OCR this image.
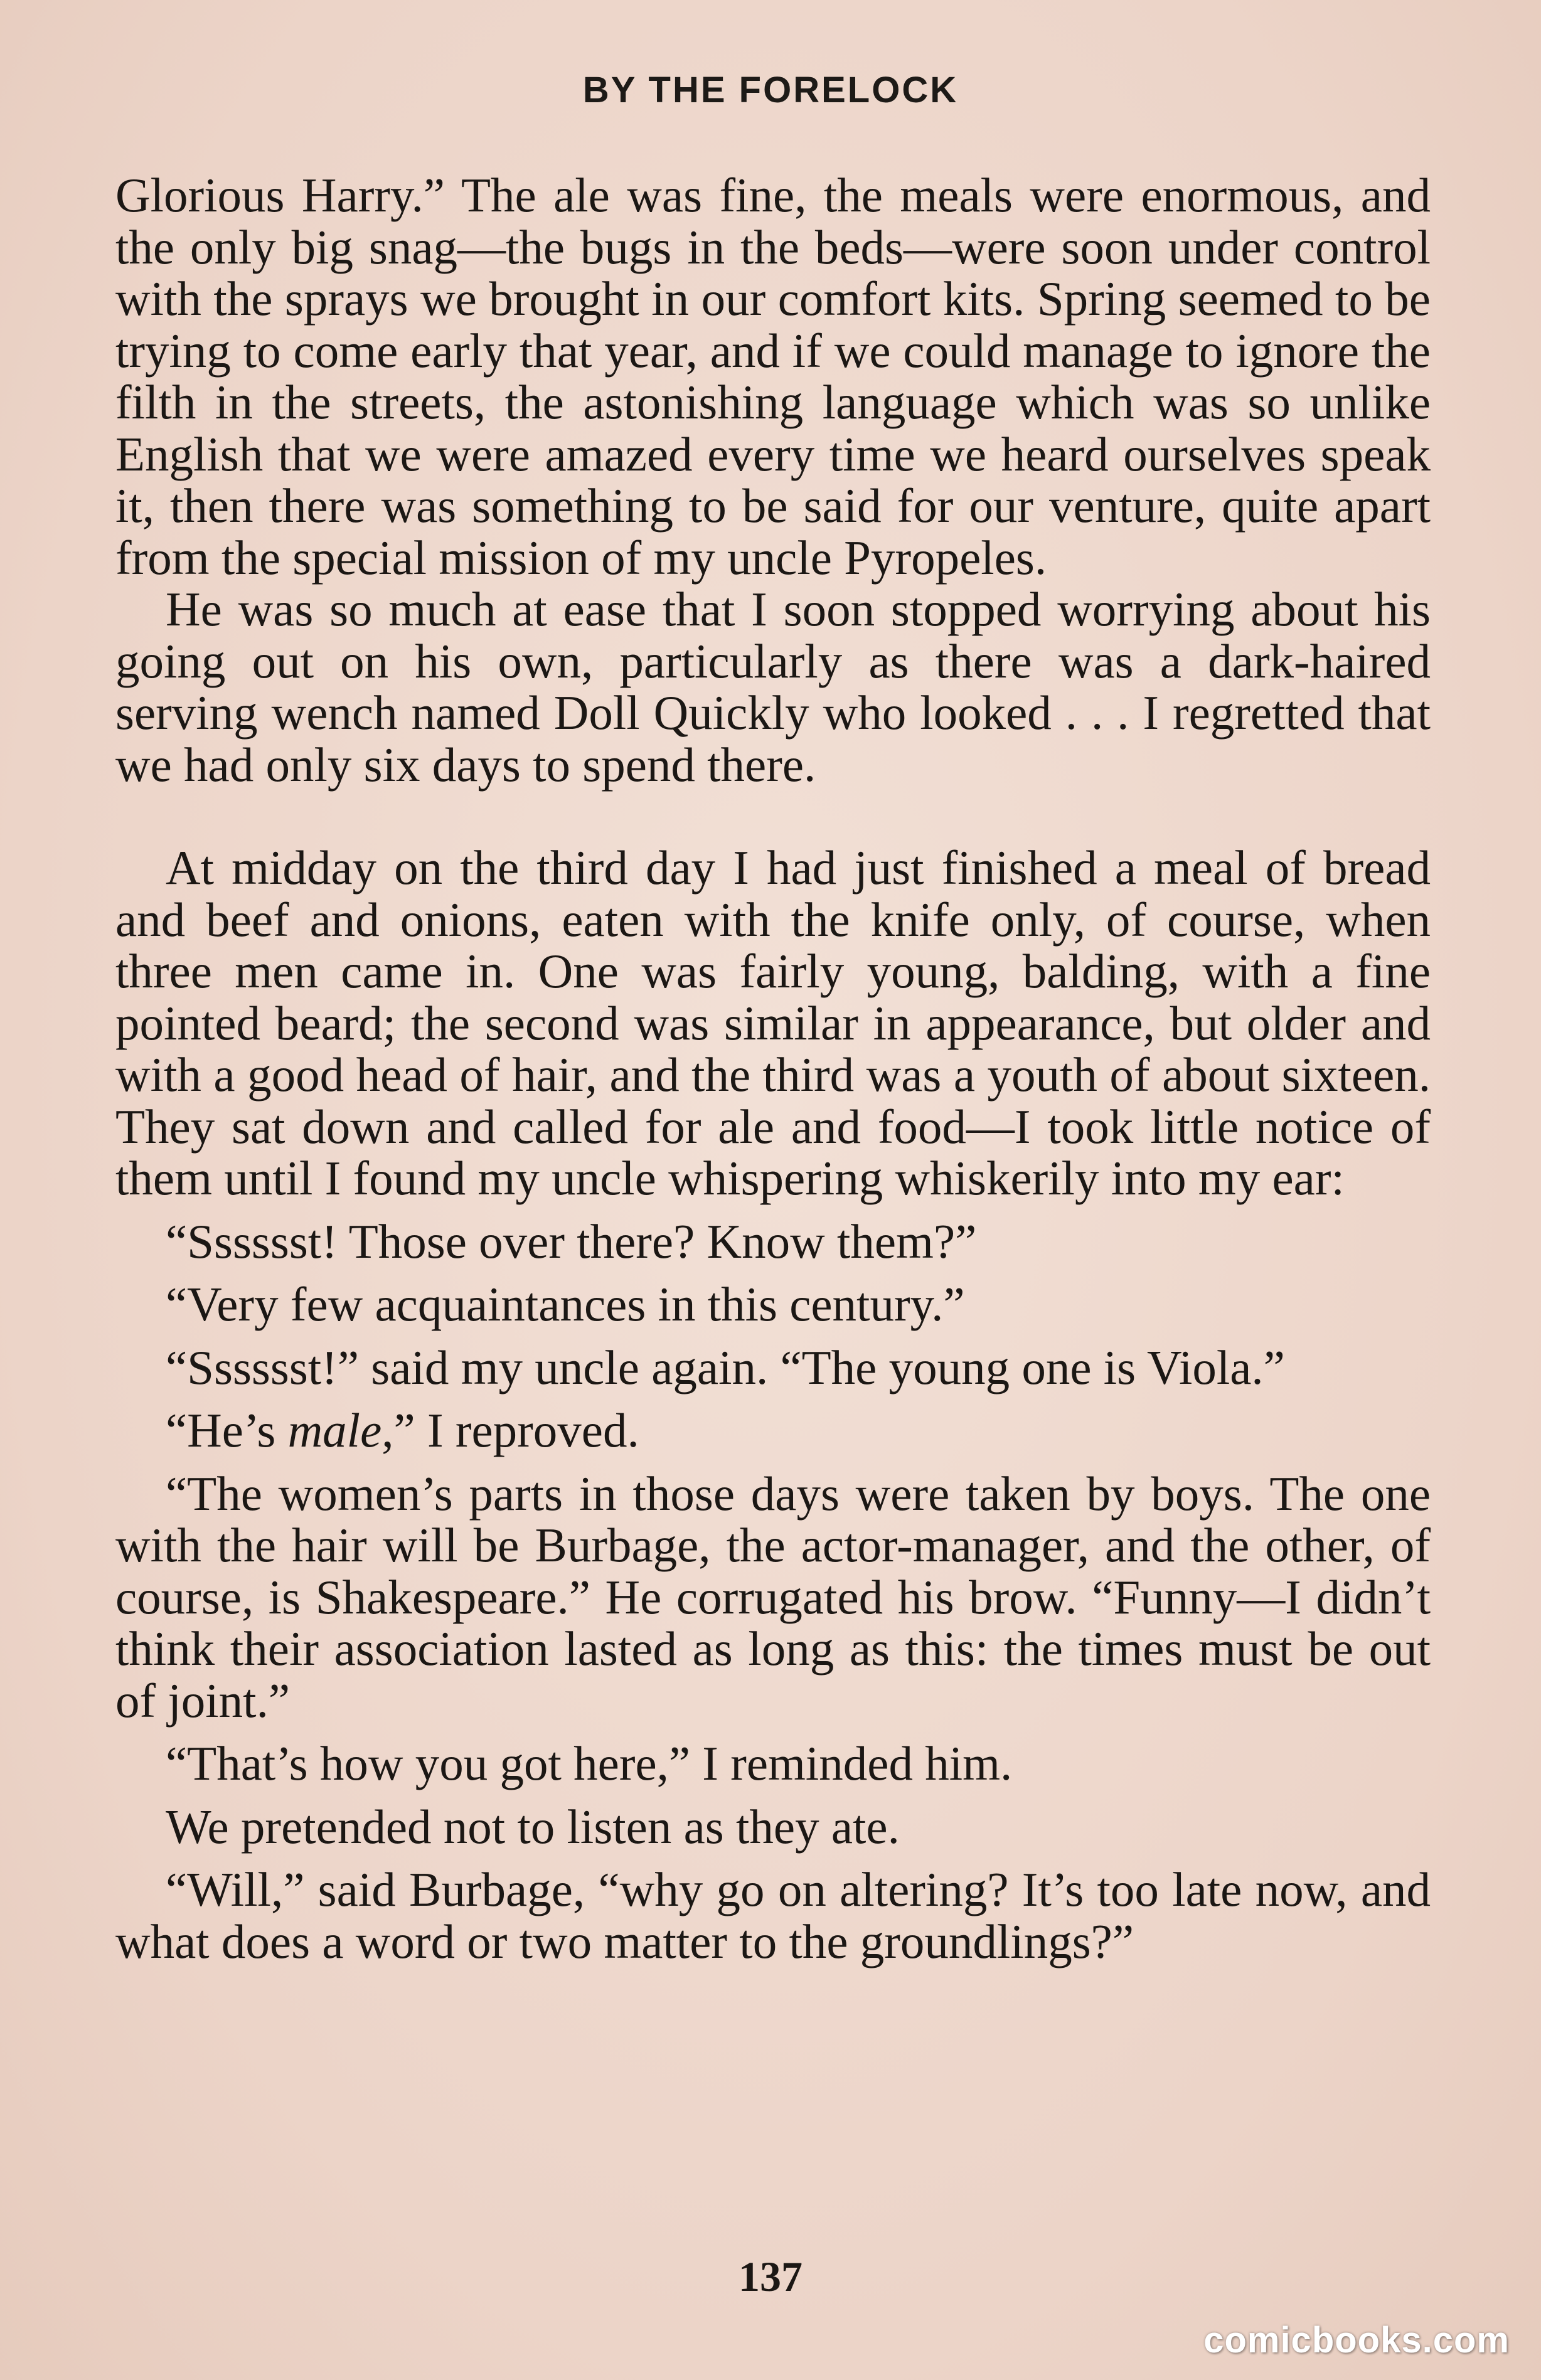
BY THE FORELOCK

Glorious Harry.” The ale was fine, the meals were enormous, and the only big snag—the bugs in the beds—were soon under control with the sprays we brought in our comfort kits. Spring seemed to be trying to come early that year, and if we could manage to ignore the filth in the streets, the astonishing language which was so unlike English that we were amazed every time we heard ourselves speak it, then there was something to be said for our venture, quite apart from the special mission of my uncle Pyropeles.

He was so much at ease that I soon stopped worrying about his going out on his own, particularly as there was a dark-haired serving wench named Doll Quickly who looked . . . I regretted that we had only six days to spend there.

At midday on the third day I had just finished a meal of bread and beef and onions, eaten with the knife only, of course, when three men came in. One was fairly young, balding, with a fine pointed beard; the second was similar in appearance, but older and with a good head of hair, and the third was a youth of about sixteen. They sat down and called for ale and food—I took little notice of them until I found my uncle whispering whiskerily into my ear:

“Sssssst! Those over there? Know them?”

“Very few acquaintances in this century.”

“Sssssst!” said my uncle again. “The young one is Viola.”

“He’s male,” I reproved.

“The women’s parts in those days were taken by boys. The one with the hair will be Burbage, the actor-manager, and the other, of course, is Shakespeare.” He corrugated his brow. “Funny—I didn’t think their association lasted as long as this: the times must be out of joint.”

“That’s how you got here,” I reminded him.

We pretended not to listen as they ate.

“Will,” said Burbage, “why go on altering? It’s too late now, and what does a word or two matter to the groundlings?”

137
comicbooks.com
